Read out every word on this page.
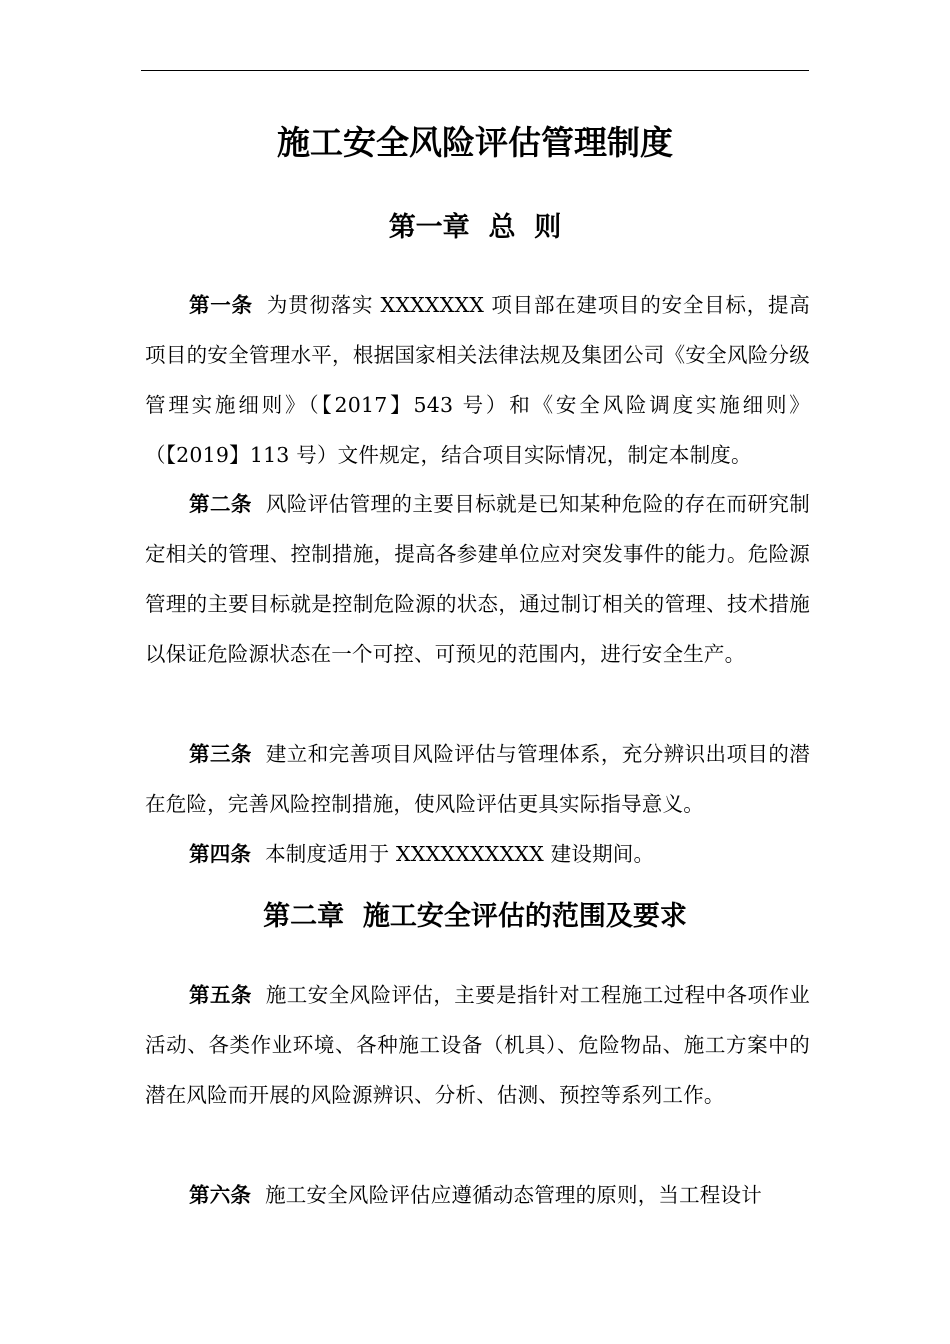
施工安全风险评估管理制度
第一章  总  则

第一条 为贯彻落实 XXXXXXX 项目部在建项目的安全目标，提高项目的安全管理水平，根据国家相关法律法规及集团公司《安全风险分级管理实施细则》（【2017】543 号）和《安全风险调度实施细则》（【2019】113 号）文件规定，结合项目实际情况，制定本制度。

第二条 风险评估管理的主要目标就是已知某种危险的存在而研究制定相关的管理、控制措施，提高各参建单位应对突发事件的能力。危险源管理的主要目标就是控制危险源的状态，通过制订相关的管理、技术措施以保证危险源状态在一个可控、可预见的范围内，进行安全生产。

第三条 建立和完善项目风险评估与管理体系，充分辨识出项目的潜在危险，完善风险控制措施，使风险评估更具实际指导意义。

第四条 本制度适用于 XXXXXXXXXX 建设期间。

第二章  施工安全评估的范围及要求

第五条 施工安全风险评估，主要是指针对工程施工过程中各项作业活动、各类作业环境、各种施工设备（机具）、危险物品、施工方案中的潜在风险而开展的风险源辨识、分析、估测、预控等系列工作。

第六条 施工安全风险评估应遵循动态管理的原则，当工程设计
